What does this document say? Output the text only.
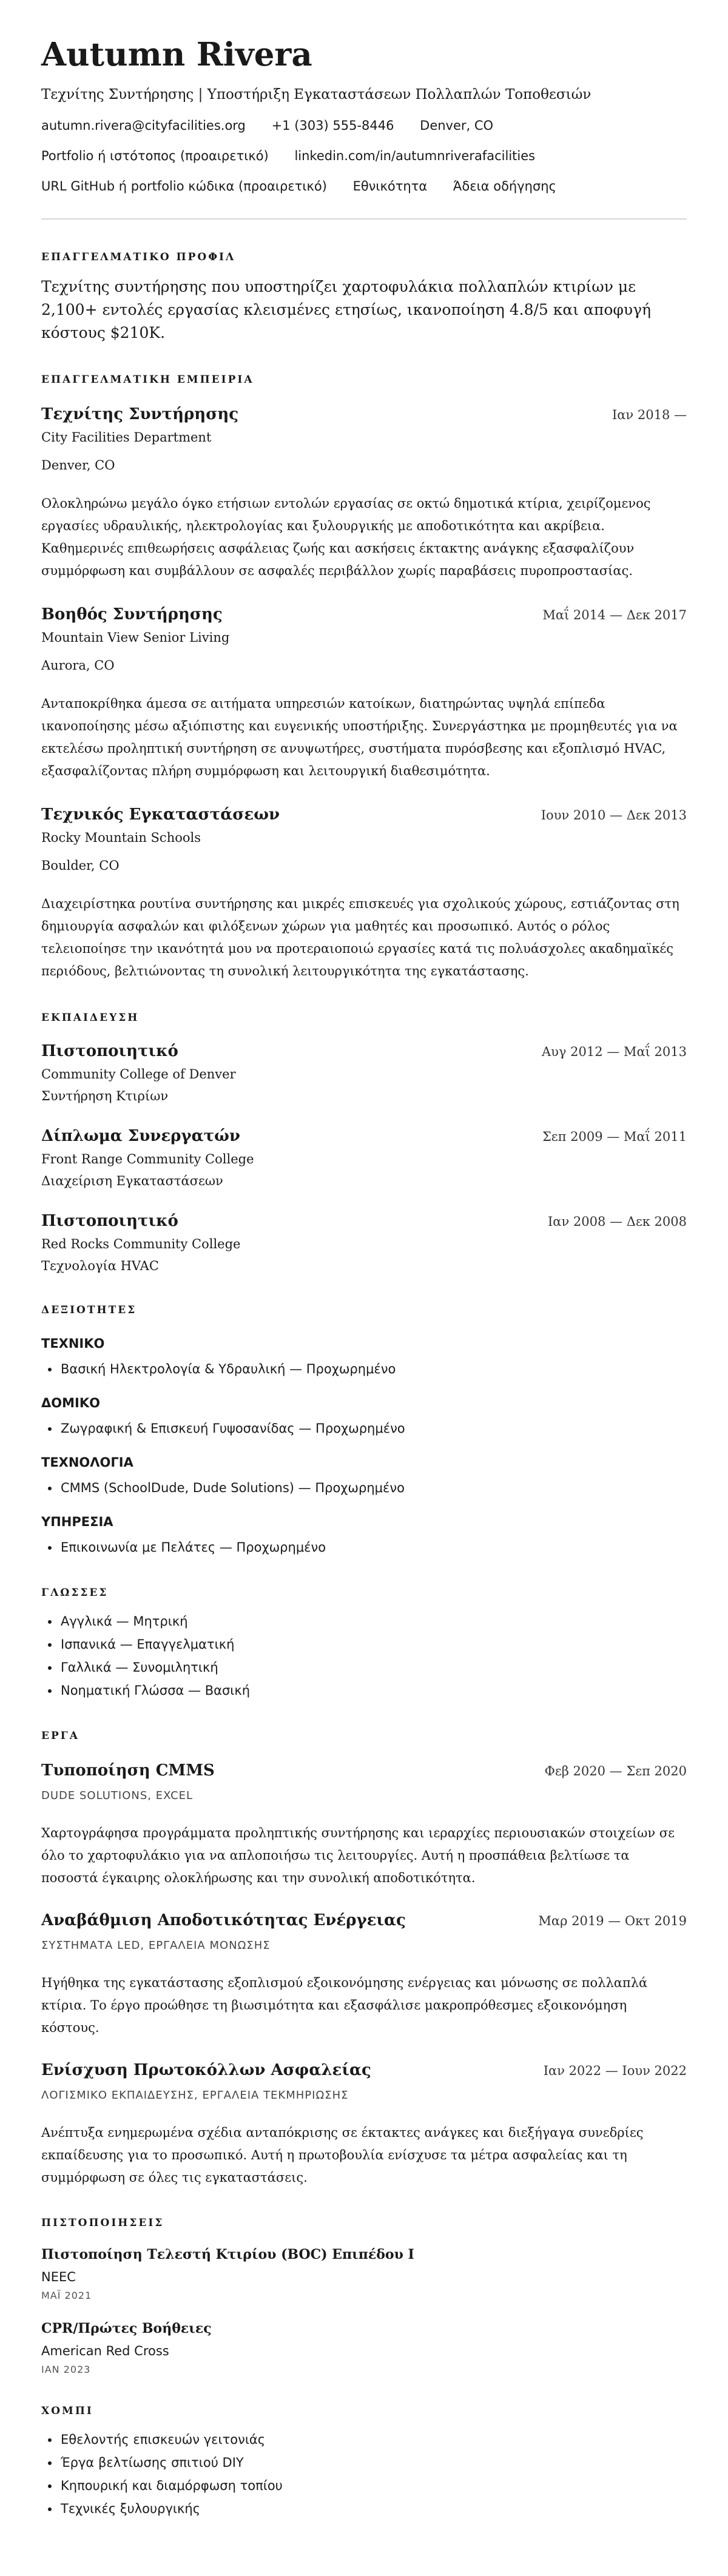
Autumn Rivera
Τεχνίτης Συντήρησης | Υποστήριξη Εγκαταστάσεων Πολλαπλών Τοποθεσιών
autumn.rivera@cityfacilities.org +1 (303) 555-8446 Denver, CO
Portfolio ή ιστότοπος (προαιρετικό) linkedin.com/in/autumnriverafacilities
URL GitHub ή portfolio κώδικα (προαιρετικό) Εθνικότητα Άδεια οδήγησης
ΕΠΑΓΓΕΛΜΑΤΙΚΟ ΠΡΟΦΙΛ
Τεχνίτης συντήρησης που υποστηρίζει χαρτοφυλάκια πολλαπλών κτιρίων με 2,100+ εντολές εργασίας κλεισμένες ετησίως, ικανοποίηση 4.8/5 και αποφυγή κόστους $210K.
ΕΠΑΓΓΕΛΜΑΤΙΚΗ ΕΜΠΕΙΡΙΑ
Τεχνίτης Συντήρησης	Ιαν 2018 —
City Facilities Department
Denver, CO
Ολοκληρώνω μεγάλο όγκο ετήσιων εντολών εργασίας σε οκτώ δημοτικά κτίρια, χειρίζομενος εργασίες υδραυλικής, ηλεκτρολογίας και ξυλουργικής με αποδοτικότητα και ακρίβεια. Καθημερινές επιθεωρήσεις ασφάλειας ζωής και ασκήσεις έκτακτης ανάγκης εξασφαλίζουν συμμόρφωση και συμβάλλουν σε ασφαλές περιβάλλον χωρίς παραβάσεις πυροπροστασίας.
Βοηθός Συντήρησης	Μαΐ 2014 — Δεκ 2017
Mountain View Senior Living
Aurora, CO
Ανταποκρίθηκα άμεσα σε αιτήματα υπηρεσιών κατοίκων, διατηρώντας υψηλά επίπεδα ικανοποίησης μέσω αξιόπιστης και ευγενικής υποστήριξης. Συνεργάστηκα με προμηθευτές για να εκτελέσω προληπτική συντήρηση σε ανυψωτήρες, συστήματα πυρόσβεσης και εξοπλισμό HVAC, εξασφαλίζοντας πλήρη συμμόρφωση και λειτουργική διαθεσιμότητα.
Τεχνικός Εγκαταστάσεων	Ιουν 2010 — Δεκ 2013
Rocky Mountain Schools
Boulder, CO
Διαχειρίστηκα ρουτίνα συντήρησης και μικρές επισκευές για σχολικούς χώρους, εστιάζοντας στη δημιουργία ασφαλών και φιλόξενων χώρων για μαθητές και προσωπικό. Αυτός ο ρόλος τελειοποίησε την ικανότητά μου να προτεραιοποιώ εργασίες κατά τις πολυάσχολες ακαδημαϊκές περιόδους, βελτιώνοντας τη συνολική λειτουργικότητα της εγκατάστασης.
ΕΚΠΑΙΔΕΥΣΗ
Πιστοποιητικό	Αυγ 2012 — Μαΐ 2013
Community College of Denver
Συντήρηση Κτιρίων
Δίπλωμα Συνεργατών	Σεπ 2009 — Μαΐ 2011
Front Range Community College
Διαχείριση Εγκαταστάσεων
Πιστοποιητικό	Ιαν 2008 — Δεκ 2008
Red Rocks Community College
Τεχνολογία HVAC
ΔΕΞΙΟΤΗΤΕΣ
ΤΕΧΝΙΚΟ
• Βασική Ηλεκτρολογία & Υδραυλική — Προχωρημένο
ΔΟΜΙΚΟ
• Ζωγραφική & Επισκευή Γυψοσανίδας — Προχωρημένο
ΤΕΧΝΟΛΟΓΙΑ
• CMMS (SchoolDude, Dude Solutions) — Προχωρημένο
ΥΠΗΡΕΣΙΑ
• Επικοινωνία με Πελάτες — Προχωρημένο
ΓΛΩΣΣΕΣ
• Αγγλικά — Μητρική
• Ισπανικά — Επαγγελματική
• Γαλλικά — Συνομιλητική
• Νοηματική Γλώσσα — Βασική
ΕΡΓΑ
Τυποποίηση CMMS	Φεβ 2020 — Σεπ 2020
DUDE SOLUTIONS, EXCEL
Χαρτογράφησα προγράμματα προληπτικής συντήρησης και ιεραρχίες περιουσιακών στοιχείων σε όλο το χαρτοφυλάκιο για να απλοποιήσω τις λειτουργίες. Αυτή η προσπάθεια βελτίωσε τα ποσοστά έγκαιρης ολοκλήρωσης και την συνολική αποδοτικότητα.
Αναβάθμιση Αποδοτικότητας Ενέργειας	Μαρ 2019 — Οκτ 2019
ΣΥΣΤΗΜΑΤΑ LED, ΕΡΓΑΛΕΙΑ ΜΟΝΩΣΗΣ
Ηγήθηκα της εγκατάστασης εξοπλισμού εξοικονόμησης ενέργειας και μόνωσης σε πολλαπλά κτίρια. Το έργο προώθησε τη βιωσιμότητα και εξασφάλισε μακροπρόθεσμες εξοικονόμηση κόστους.
Ενίσχυση Πρωτοκόλλων Ασφαλείας	Ιαν 2022 — Ιουν 2022
ΛΟΓΙΣΜΙΚΟ ΕΚΠΑΙΔΕΥΣΗΣ, ΕΡΓΑΛΕΙΑ ΤΕΚΜΗΡΙΩΣΗΣ
Ανέπτυξα ενημερωμένα σχέδια ανταπόκρισης σε έκτακτες ανάγκες και διεξήγαγα συνεδρίες εκπαίδευσης για το προσωπικό. Αυτή η πρωτοβουλία ενίσχυσε τα μέτρα ασφαλείας και τη συμμόρφωση σε όλες τις εγκαταστάσεις.
ΠΙΣΤΟΠΟΙΗΣΕΙΣ
Πιστοποίηση Τελεστή Κτιρίου (BOC) Επιπέδου Ι
NEEC
ΜΑΪ 2021
CPR/Πρώτες Βοήθειες
American Red Cross
ΙΑΝ 2023
ΧΟΜΠΙ
• Εθελοντής επισκευών γειτονιάς
• Έργα βελτίωσης σπιτιού DIY
• Κηπουρική και διαμόρφωση τοπίου
• Τεχνικές ξυλουργικής
